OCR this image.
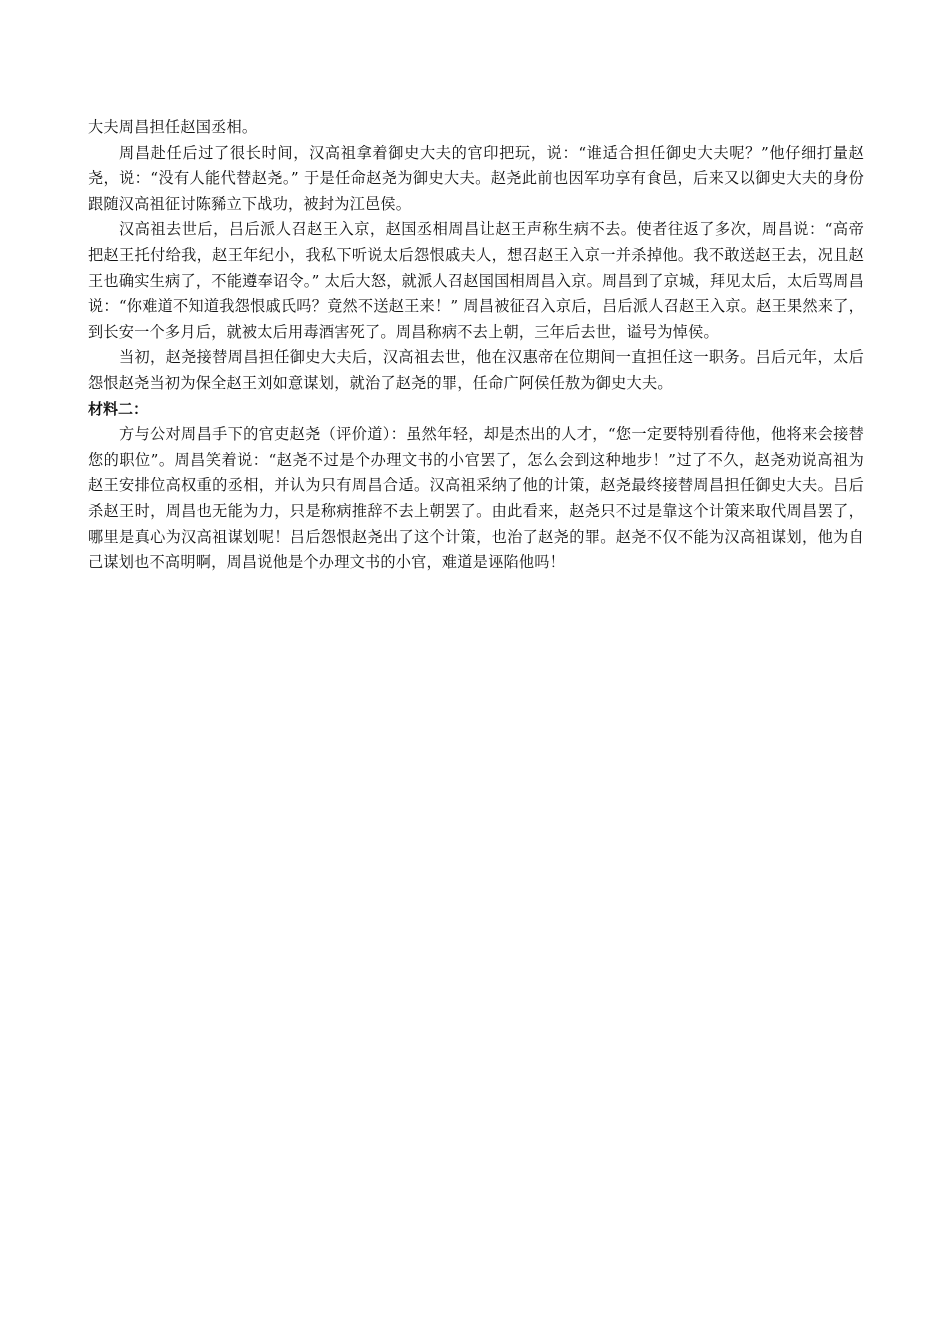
大夫周昌担任赵国丞相。

周昌赴任后过了很长时间，汉高祖拿着御史大夫的官印把玩，说：“谁适合担任御史大夫呢？”他仔细打量赵尧，说：“没有人能代替赵尧。” 于是任命赵尧为御史大夫。赵尧此前也因军功享有食邑，后来又以御史大夫的身份跟随汉高祖征讨陈豨立下战功，被封为江邑侯。

汉高祖去世后，吕后派人召赵王入京，赵国丞相周昌让赵王声称生病不去。使者往返了多次，周昌说：“高帝把赵王托付给我，赵王年纪小，我私下听说太后怨恨戚夫人，想召赵王入京一并杀掉他。我不敢送赵王去，况且赵王也确实生病了，不能遵奉诏令。” 太后大怒，就派人召赵国国相周昌入京。周昌到了京城，拜见太后，太后骂周昌说：“你难道不知道我怨恨戚氏吗？竟然不送赵王来！” 周昌被征召入京后，吕后派人召赵王入京。赵王果然来了，到长安一个多月后，就被太后用毒酒害死了。周昌称病不去上朝，三年后去世，谥号为悼侯。

当初，赵尧接替周昌担任御史大夫后，汉高祖去世，他在汉惠帝在位期间一直担任这一职务。吕后元年，太后怨恨赵尧当初为保全赵王刘如意谋划，就治了赵尧的罪，任命广阿侯任敖为御史大夫。

材料二：

方与公对周昌手下的官吏赵尧（评价道）：虽然年轻，却是杰出的人才，“您一定要特别看待他，他将来会接替您的职位”。周昌笑着说：“赵尧不过是个办理文书的小官罢了，怎么会到这种地步！”过了不久，赵尧劝说高祖为赵王安排位高权重的丞相，并认为只有周昌合适。汉高祖采纳了他的计策，赵尧最终接替周昌担任御史大夫。吕后杀赵王时，周昌也无能为力，只是称病推辞不去上朝罢了。由此看来，赵尧只不过是靠这个计策来取代周昌罢了，哪里是真心为汉高祖谋划呢！吕后怨恨赵尧出了这个计策，也治了赵尧的罪。赵尧不仅不能为汉高祖谋划，他为自己谋划也不高明啊，周昌说他是个办理文书的小官，难道是诬陷他吗！
